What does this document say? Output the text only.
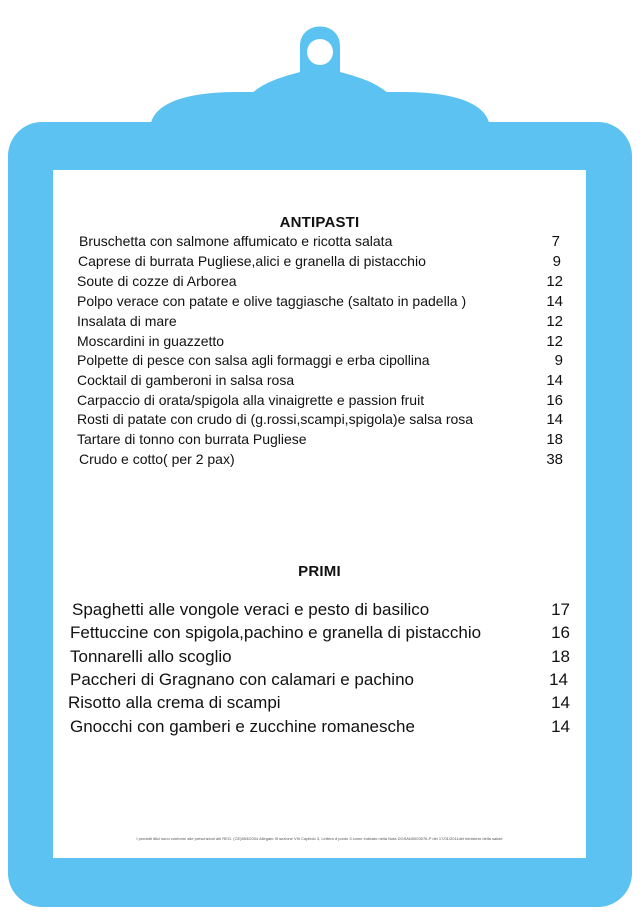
ANTIPASTI
Bruschetta con salmone affumicato e ricotta salata	7
Caprese di burrata Pugliese,alici e granella di pistacchio	9
Soute di cozze di Arborea	12
Polpo verace con patate e olive taggiasche (saltato in padella )	14
Insalata di mare	12
Moscardini in guazzetto	12
Polpette di pesce con salsa agli formaggi e erba cipollina	9
Cocktail di gamberoni in salsa rosa	14
Carpaccio di orata/spigola alla vinaigrette e passion fruit	16
Rosti di patate con crudo di (g.rossi,scampi,spigola)e salsa rosa	14
Tartare di tonno con burrata Pugliese	18
Crudo e cotto( per 2 pax)	38
PRIMI
Spaghetti alle vongole veraci e pesto di basilico	17
Fettuccine con spigola,pachino e granella di pistacchio	16
Tonnarelli allo scoglio	18
Paccheri di Gragnano con calamari e pachino	14
Risotto alla crema di scampi	14
Gnocchi con gamberi e zucchine romanesche	14
I prodotti ittici sono conformi alle prescrizioni del REG. (CE)853/2004 Allegato III sezione VIII Capitolo 3, Lettera d punto 3 come indicato nella Nota DGSAN0003076-P del 17/01/2011del ministero della salute
